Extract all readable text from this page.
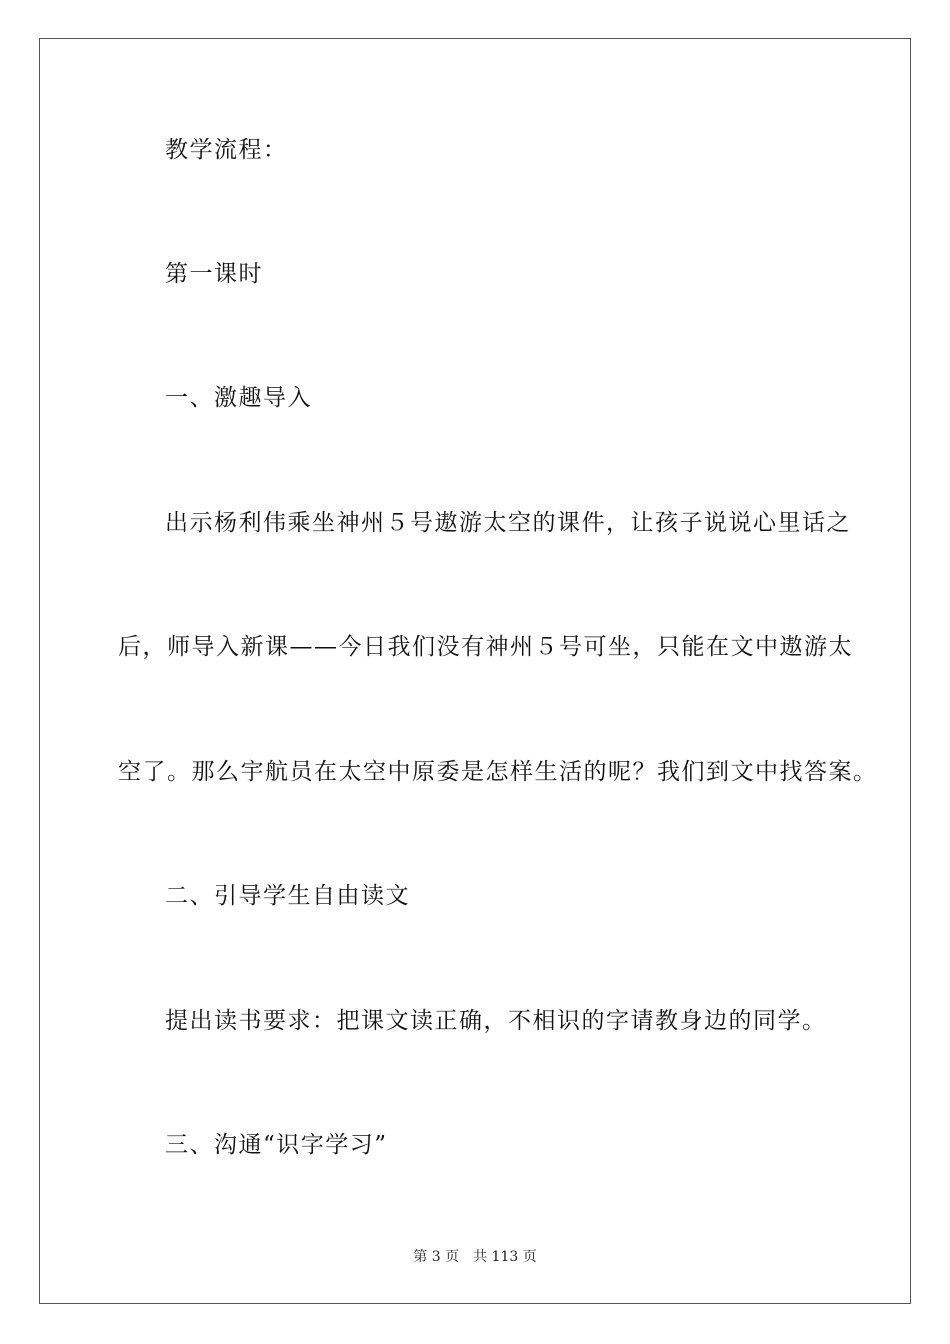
教学流程：
第一课时
一、激趣导入
出示杨利伟乘坐神州５号遨游太空的课件，让孩子说说心里话之
后，师导入新课——今日我们没有神州５号可坐，只能在文中遨游太
空了。那么宇航员在太空中原委是怎样生活的呢？我们到文中找答案。
二、引导学生自由读文
提出读书要求：把课文读正确，不相识的字请教身边的同学。
三、沟通“识字学习”
第 3 页 共 113 页
